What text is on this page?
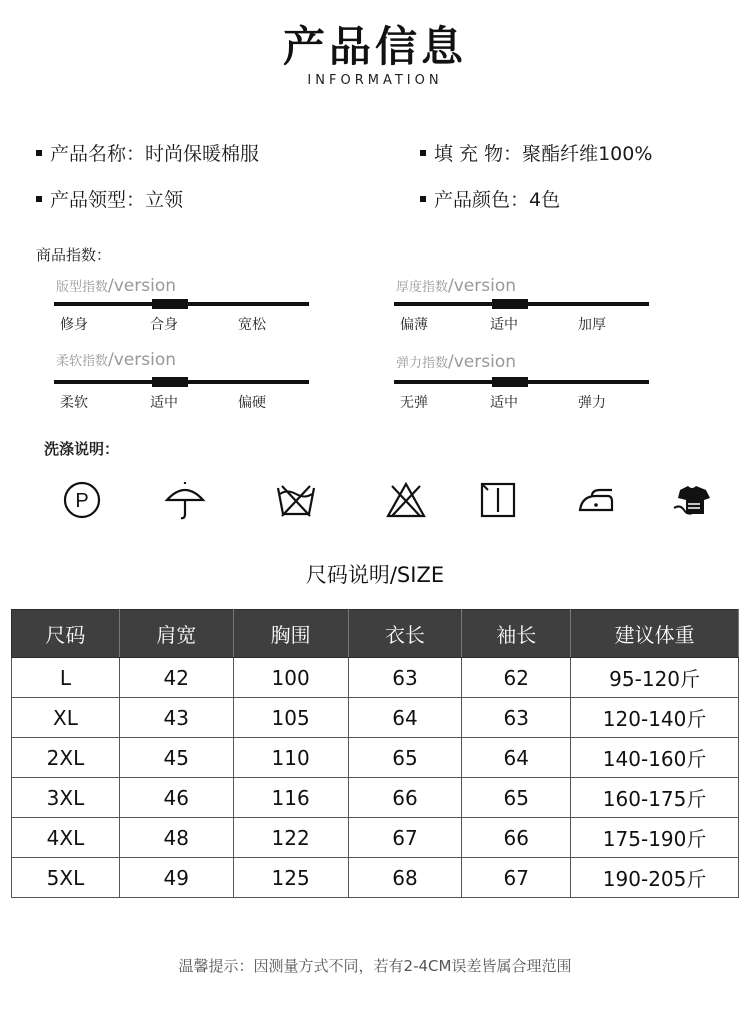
产品信息
INFORMATION
产品名称： 时尚保暖棉服	填 充 物： 聚酯纤维100%
产品领型： 立领	产品颜色： 4色
商品指数：
版型指数/version
修身	合身	宽松
厚度指数/version
偏薄	适中	加厚
柔软指数/version
柔软	适中	偏硬
弹力指数/version
无弹	适中	弹力
洗涤说明：
P
尺码说明/SIZE
尺码	肩宽	胸围	衣长	袖长	建议体重
L	42	100	63	62	95-120斤
XL	43	105	64	63	120-140斤
2XL	45	110	65	64	140-160斤
3XL	46	116	66	65	160-175斤
4XL	48	122	67	66	175-190斤
5XL	49	125	68	67	190-205斤
温馨提示：因测量方式不同，若有2-4CM误差皆属合理范围
